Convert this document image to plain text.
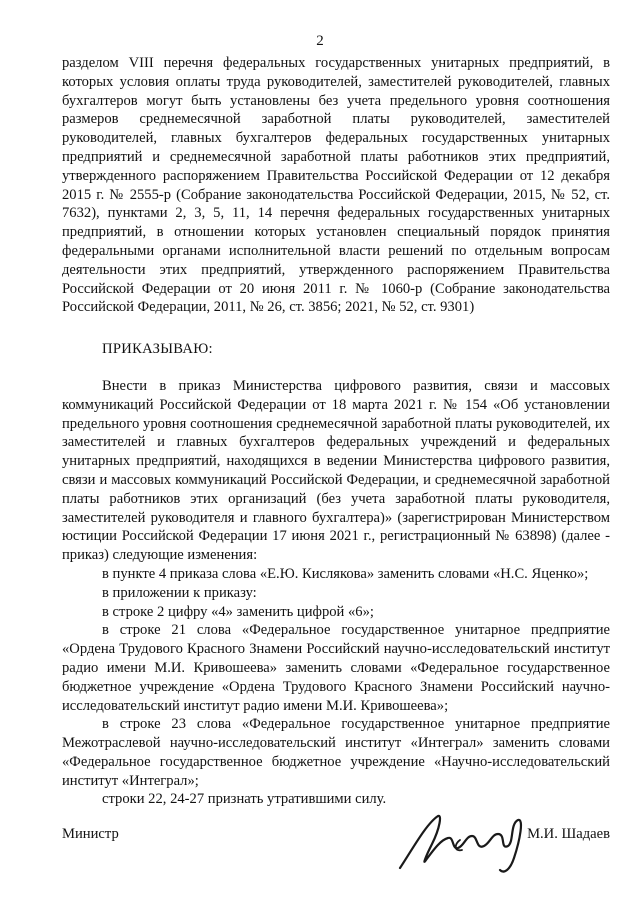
2

разделом VIII перечня федеральных государственных унитарных предприятий, в которых условия оплаты труда руководителей, заместителей руководителей, главных бухгалтеров могут быть установлены без учета предельного уровня соотношения размеров среднемесячной заработной платы руководителей, заместителей руководителей, главных бухгалтеров федеральных государственных унитарных предприятий и среднемесячной заработной платы работников этих предприятий, утвержденного распоряжением Правительства Российской Федерации от 12 декабря 2015 г. № 2555-р (Собрание законодательства Российской Федерации, 2015, № 52, ст. 7632), пунктами 2, 3, 5, 11, 14 перечня федеральных государственных унитарных предприятий, в отношении которых установлен специальный порядок принятия федеральными органами исполнительной власти решений по отдельным вопросам деятельности этих предприятий, утвержденного распоряжением Правительства Российской Федерации от 20 июня 2011 г. № 1060-р (Собрание законодательства Российской Федерации, 2011, № 26, ст. 3856; 2021, № 52, ст. 9301)

ПРИКАЗЫВАЮ:

Внести в приказ Министерства цифрового развития, связи и массовых коммуникаций Российской Федерации от 18 марта 2021 г. № 154 «Об установлении предельного уровня соотношения среднемесячной заработной платы руководителей, их заместителей и главных бухгалтеров федеральных учреждений и федеральных унитарных предприятий, находящихся в ведении Министерства цифрового развития, связи и массовых коммуникаций Российской Федерации, и среднемесячной заработной платы работников этих организаций (без учета заработной платы руководителя, заместителей руководителя и главного бухгалтера)» (зарегистрирован Министерством юстиции Российской Федерации 17 июня 2021 г., регистрационный № 63898) (далее - приказ) следующие изменения:

в пункте 4 приказа слова «Е.Ю. Кислякова» заменить словами «Н.С. Яценко»;

в приложении к приказу:

в строке 2 цифру «4» заменить цифрой «6»;

в строке 21 слова «Федеральное государственное унитарное предприятие «Ордена Трудового Красного Знамени Российский научно-исследовательский институт радио имени М.И. Кривошеева» заменить словами «Федеральное государственное бюджетное учреждение «Ордена Трудового Красного Знамени Российский научно-исследовательский институт радио имени М.И. Кривошеева»;

в строке 23 слова «Федеральное государственное унитарное предприятие Межотраслевой научно-исследовательский институт «Интеграл» заменить словами «Федеральное государственное бюджетное учреждение «Научно-исследовательский институт «Интеграл»;

строки 22, 24-27 признать утратившими силу.

Министр	М.И. Шадаев
